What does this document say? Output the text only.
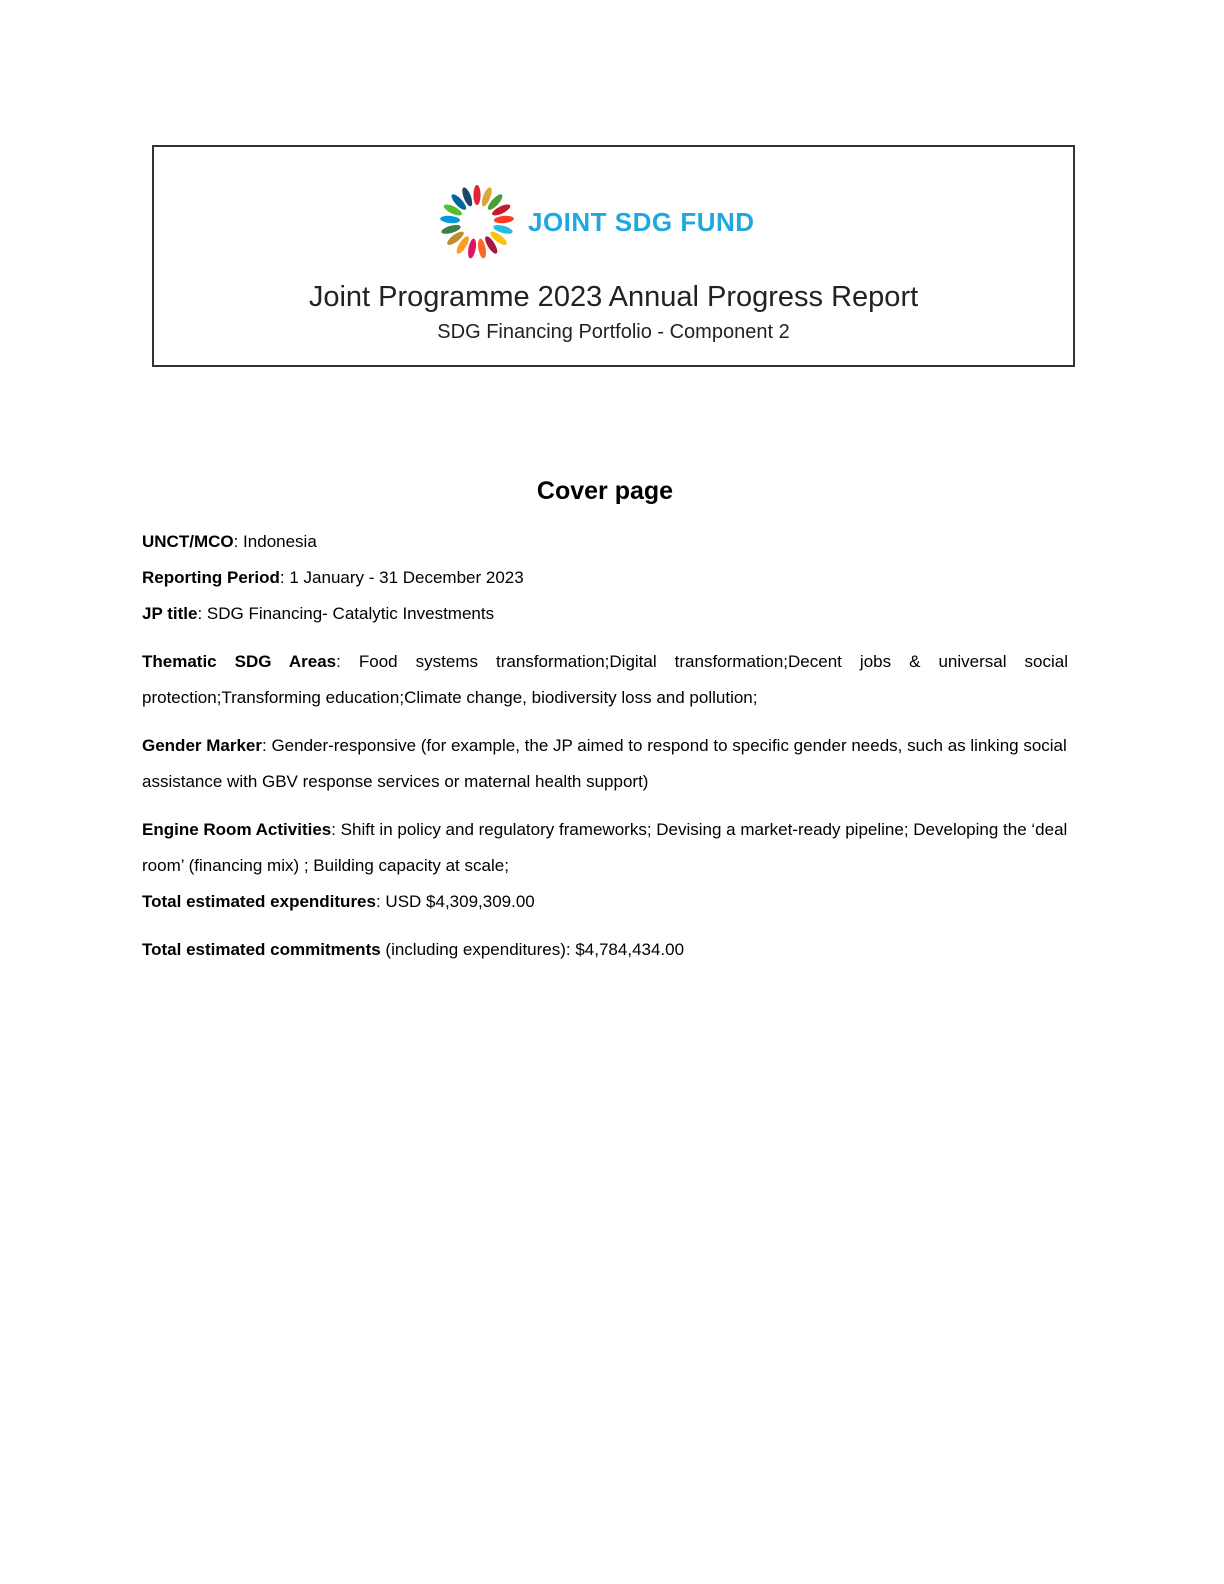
JOINT SDG FUND
Joint Programme 2023 Annual Progress Report
SDG Financing Portfolio - Component 2
Cover page

UNCT/MCO: Indonesia

Reporting Period: 1 January - 31 December 2023

JP title: SDG Financing- Catalytic Investments

Thematic SDG Areas: Food systems transformation;Digital transformation;Decent jobs & universal social protection;Transforming education;Climate change, biodiversity loss and pollution;

Gender Marker: Gender-responsive (for example, the JP aimed to respond to specific gender needs, such as linking social assistance with GBV response services or maternal health support)

Engine Room Activities: Shift in policy and regulatory frameworks; Devising a market-ready pipeline; Developing the ‘deal room’ (financing mix) ; Building capacity at scale;

Total estimated expenditures: USD $4,309,309.00

Total estimated commitments (including expenditures): $4,784,434.00
